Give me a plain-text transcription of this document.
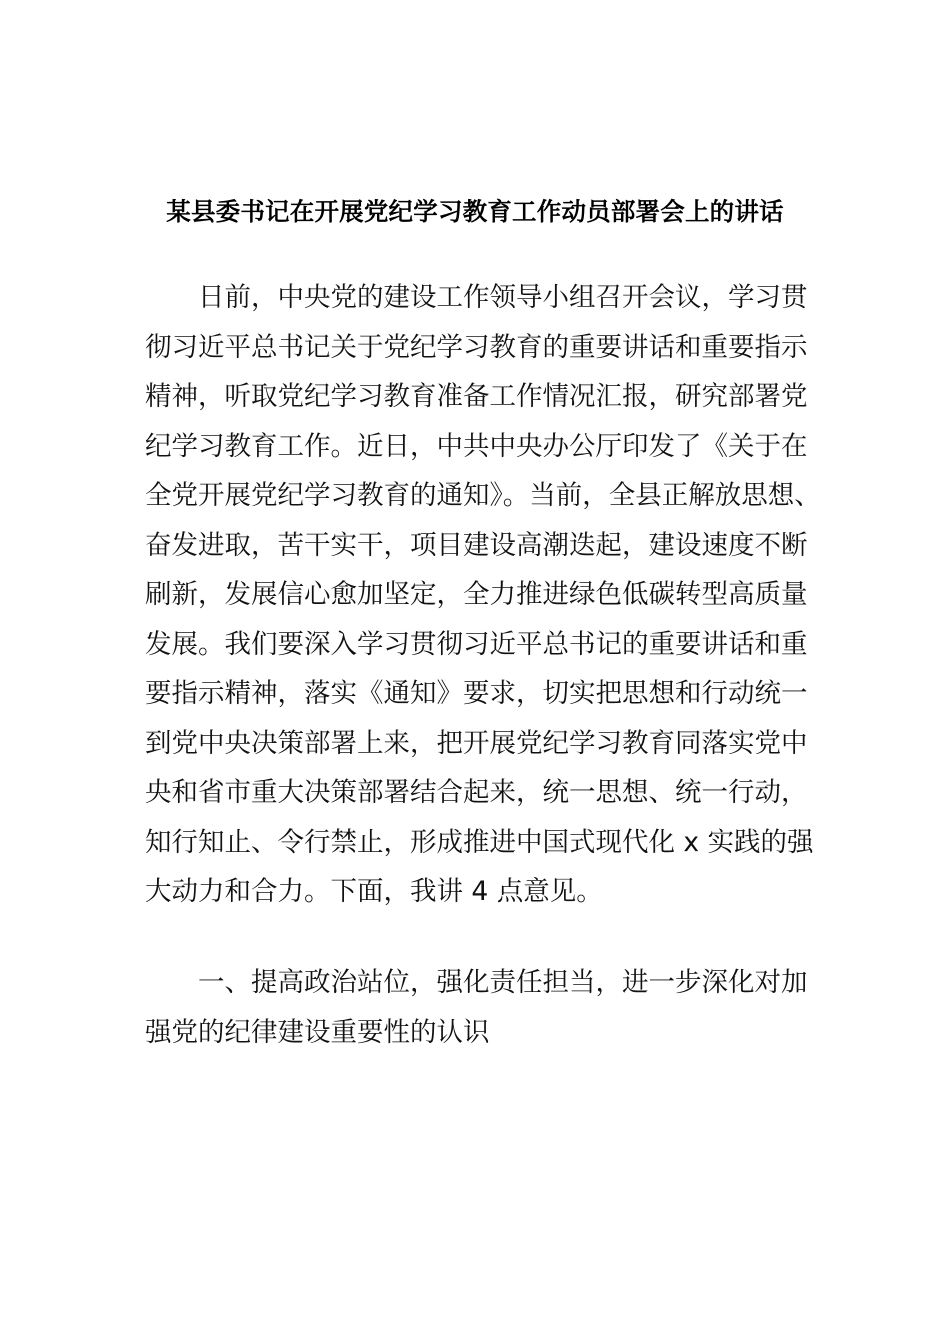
某县委书记在开展党纪学习教育工作动员部署会上的讲话
日前，中央党的建设工作领导小组召开会议，学习贯
彻习近平总书记关于党纪学习教育的重要讲话和重要指示
精神，听取党纪学习教育准备工作情况汇报，研究部署党
纪学习教育工作。近日，中共中央办公厅印发了《关于在
全党开展党纪学习教育的通知》。当前，全县正解放思想、
奋发进取，苦干实干，项目建设高潮迭起，建设速度不断
刷新，发展信心愈加坚定，全力推进绿色低碳转型高质量
发展。我们要深入学习贯彻习近平总书记的重要讲话和重
要指示精神，落实《通知》要求，切实把思想和行动统一
到党中央决策部署上来，把开展党纪学习教育同落实党中
央和省市重大决策部署结合起来，统一思想、统一行动，
知行知止、令行禁止，形成推进中国式现代化 x 实践的强
大动力和合力。下面，我讲 4 点意见。
一、提高政治站位，强化责任担当，进一步深化对加
强党的纪律建设重要性的认识
